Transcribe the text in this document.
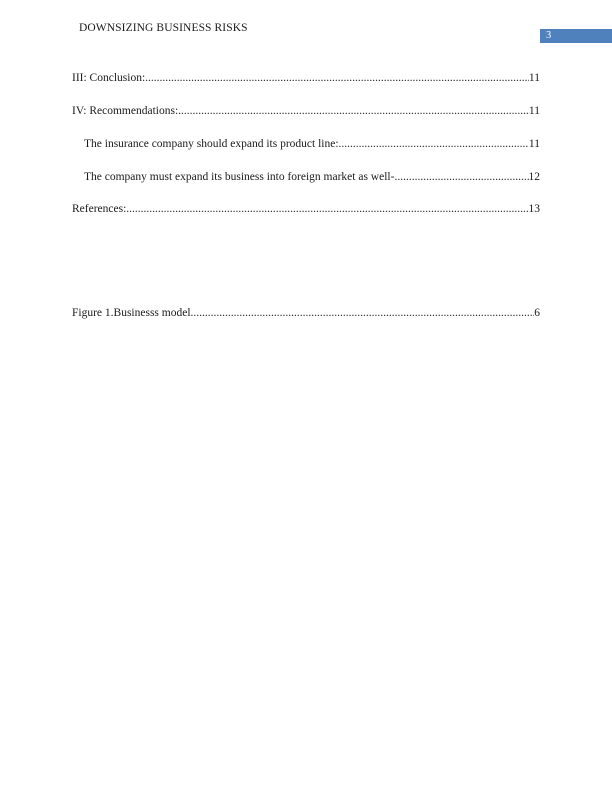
DOWNSIZING BUSINESS RISKS
3
III: Conclusion: .....	11
IV: Recommendations: .....	11
The insurance company should expand its product line: .....	11
The company must expand its business into foreign market as well- .....	12
References: .....	13
Figure 1.Businesss model .....	6
